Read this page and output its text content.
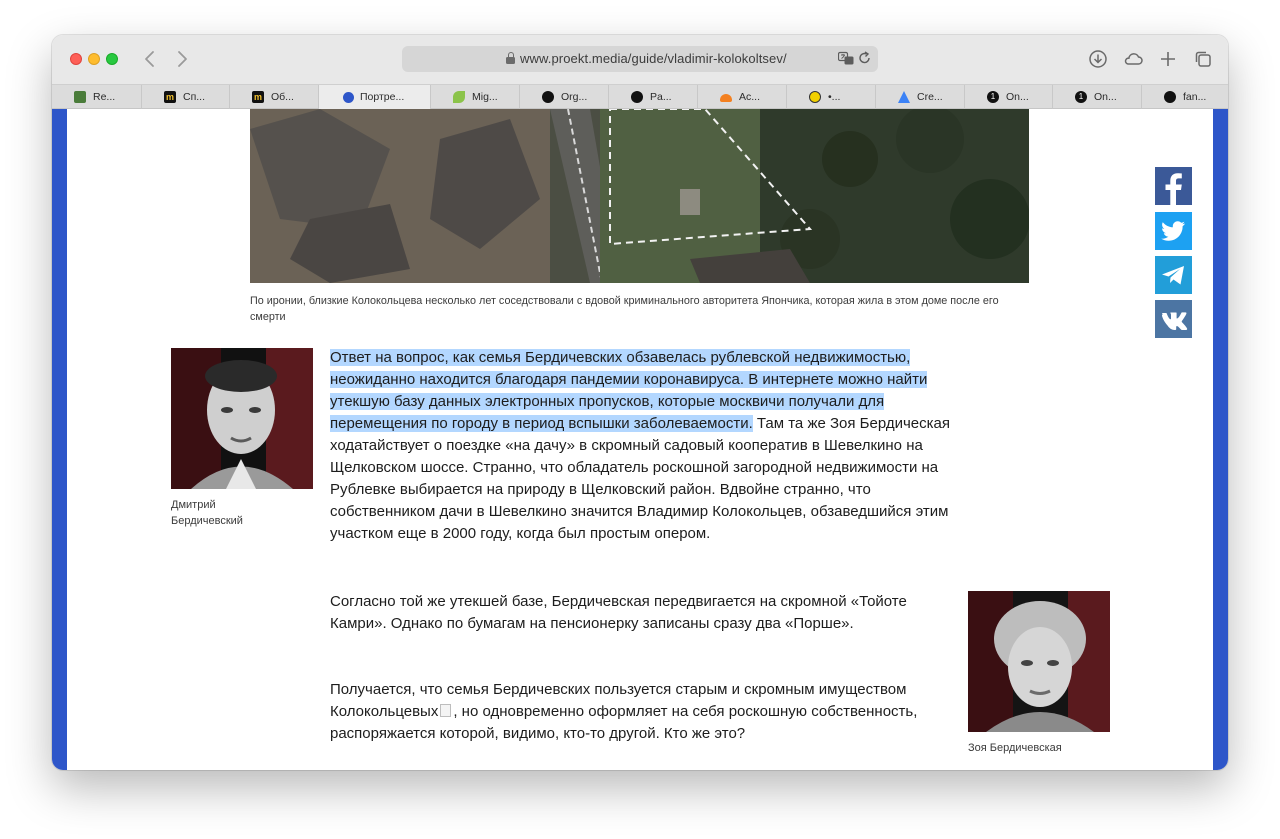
www.proekt.media/guide/vladimir-kolokoltsev/
Re...	m Сп...	m Об...	Портре...	Mig...	Org...	Pa...	Ac...	•...	Cre...	1	On...	1	On...	fan...
По иронии, близкие Колокольцева несколько лет соседствовали с вдовой криминального авторитета Япончика, которая жила в этом доме после его смерти
Дмитрий
Бердичевский
Ответ на вопрос, как семья Бердичевских обзавелась рублевской недвижимостью, неожиданно находится благодаря пандемии коронавируса. В интернете можно найти утекшую базу данных электронных пропусков, которые москвичи получали для перемещения по городу в период вспышки заболеваемости. Там та же Зоя Бердическая ходатайствует о поездке «на дачу» в скромный садовый кооператив в Шевелкино на Щелковском шоссе. Странно, что обладатель роскошной загородной недвижимости на Рублевке выбирается на природу в Щелковский район. Вдвойне странно, что собственником дачи в Шевелкино значится Владимир Колокольцев, обзаведшийся этим участком еще в 2000 году, когда был простым опером.
Согласно той же утекшей базе, Бердичевская передвигается на скромной «Тойоте Камри». Однако по бумагам на пенсионерку записаны сразу два «Порше».
Получается, что семья Бердичевских пользуется старым и скромным имуществом Колокольцевых , но одновременно оформляет на себя роскошную собственность, распоряжается которой, видимо, кто-то другой. Кто же это?
Зоя Бердичевская
